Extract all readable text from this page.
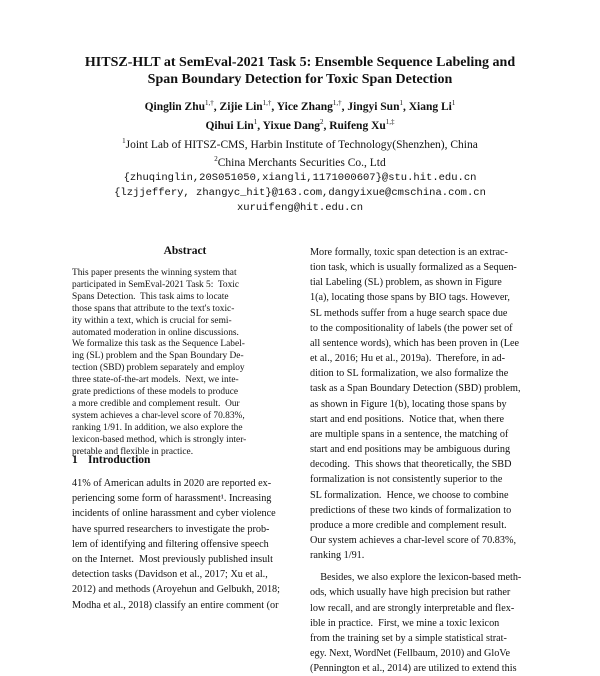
HITSZ-HLT at SemEval-2021 Task 5: Ensemble Sequence Labeling and
Span Boundary Detection for Toxic Span Detection
Qinglin Zhu$^{1,\dagger}$, Zijie Lin$^{1,\dagger}$, Yice Zhang$^{1,\dagger}$, Jingyi Sun$^1$, Xiang Li$^1$
Qihui Lin$^1$, Yixue Dang$^2$, Ruifeng $Xu^{1,\ddagger}$
$^1$Joint Lab of HITSZ-CMS, Harbin Institute of Technology(Shenzhen), China
$^2$China Merchants Securities Co., Ltd
{zhuqinglin,20S051050,xiangli,1171000607}@stu.hit.edu.cn
{lzjjeffery, zhangyc_hit}@163.com,dangyixue@cmschina.com.cn
xuruifeng@hit.edu.cn
Abstract
This paper presents the winning system that
participated in SemEval-2021 Task 5:  Toxic
Spans Detection.  This task aims to locate
those spans that attribute to the text's toxic-
ity within a text, which is crucial for semi-
automated moderation in online discussions.
We formalize this task as the Sequence Label-
ing (SL) problem and the Span Boundary De-
tection (SBD) problem separately and employ
three state-of-the-art models.  Next, we inte-
grate predictions of these models to produce
a more credible and complement result.  Our
system achieves a char-level score of 70.83%,
ranking 1/91. In addition, we also explore the
lexicon-based method, which is strongly inter-
pretable and flexible in practice.
1 Introduction
41% of American adults in 2020 are reported ex-
periencing some form of harassment¹. Increasing
incidents of online harassment and cyber violence
have spurred researchers to investigate the prob-
lem of identifying and filtering offensive speech
on the Internet.  Most previously published insult
detection tasks (Davidson et al., 2017; Xu et al.,
2012) and methods (Aroyehun and Gelbukh, 2018;
Modha et al., 2018) classify an entire comment (or
More formally, toxic span detection is an extrac-
tion task, which is usually formalized as a Sequen-
tial Labeling (SL) problem, as shown in Figure
1(a), locating those spans by BIO tags. However,
SL methods suffer from a huge search space due
to the compositionality of labels (the power set of
all sentence words), which has been proven in (Lee
et al., 2016; Hu et al., 2019a).  Therefore, in ad-
dition to SL formalization, we also formalize the
task as a Span Boundary Detection (SBD) problem,
as shown in Figure 1(b), locating those spans by
start and end positions.  Notice that, when there
are multiple spans in a sentence, the matching of
start and end positions may be ambiguous during
decoding.  This shows that theoretically, the SBD
formalization is not consistently superior to the
SL formalization.  Hence, we choose to combine
predictions of these two kinds of formalization to
produce a more credible and complement result.
Our system achieves a char-level score of 70.83%,
ranking 1/91.

Besides, we also explore the lexicon-based meth-
ods, which usually have high precision but rather
low recall, and are strongly interpretable and flex-
ible in practice.  First, we mine a toxic lexicon
from the training set by a simple statistical strat-
egy. Next, WordNet (Fellbaum, 2010) and GloVe
(Pennington et al., 2014) are utilized to extend this
